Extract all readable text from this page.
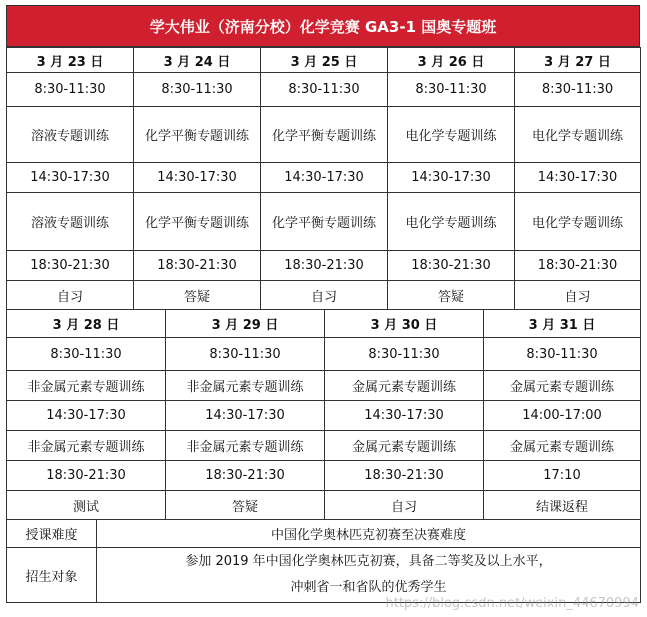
学大伟业（济南分校）化学竞赛 GA3-1 国奥专题班
3 月 23 日	3 月 24 日	3 月 25 日	3 月 26 日	3 月 27 日
8:30-11:30	8:30-11:30	8:30-11:30	8:30-11:30	8:30-11:30
溶液专题训练	化学平衡专题训练	化学平衡专题训练	电化学专题训练	电化学专题训练
14:30-17:30	14:30-17:30	14:30-17:30	14:30-17:30	14:30-17:30
溶液专题训练	化学平衡专题训练	化学平衡专题训练	电化学专题训练	电化学专题训练
18:30-21:30	18:30-21:30	18:30-21:30	18:30-21:30	18:30-21:30
自习	答疑	自习	答疑	自习
3 月 28 日	3 月 29 日	3 月 30 日	3 月 31 日
8:30-11:30	8:30-11:30	8:30-11:30	8:30-11:30
非金属元素专题训练	非金属元素专题训练	金属元素专题训练	金属元素专题训练
14:30-17:30	14:30-17:30	14:30-17:30	14:00-17:00
非金属元素专题训练	非金属元素专题训练	金属元素专题训练	金属元素专题训练
18:30-21:30	18:30-21:30	18:30-21:30	17:10
测试	答疑	自习	结课返程
授课难度	中国化学奥林匹克初赛至决赛难度
招生对象	参加 2019 年中国化学奥林匹克初赛，具备二等奖及以上水平，
冲刺省一和省队的优秀学生
https://blog.csdn.net/weixin_44670994
